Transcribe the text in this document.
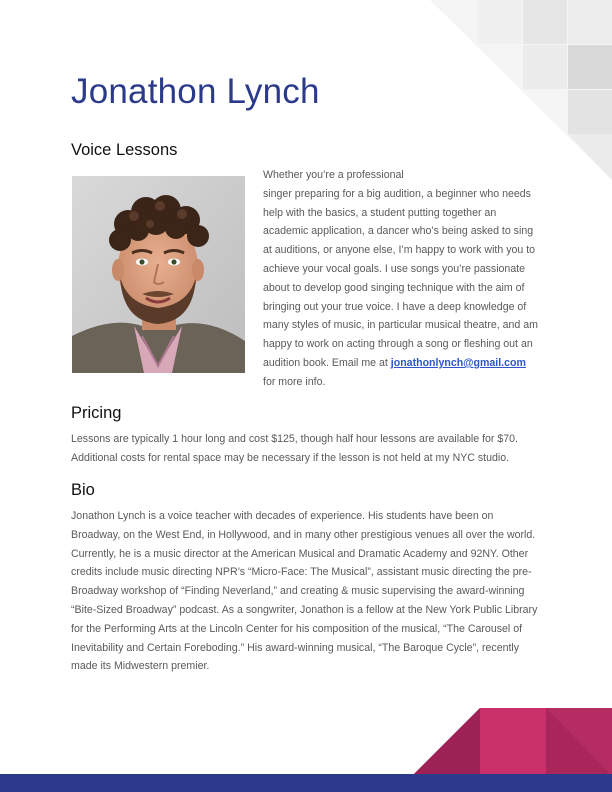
Jonathon Lynch
Voice Lessons

Whether you’re a professional
singer preparing for a big audition, a beginner who needs help with the basics, a student putting together an academic application, a dancer who’s being asked to sing at auditions, or anyone else, I’m happy to work with you to achieve your vocal goals. I use songs you’re passionate about to develop good singing technique with the aim of bringing out your true voice. I have a deep knowledge of many styles of music, in particular musical theatre, and am happy to work on acting through a song or fleshing out an audition book. Email me at jonathonlynch@gmail.com for more info.

Pricing

Lessons are typically 1 hour long and cost $125, though half hour lessons are available for $70. Additional costs for rental space may be necessary if the lesson is not held at my NYC studio.

Bio

Jonathon Lynch is a voice teacher with decades of experience. His students have been on Broadway, on the West End, in Hollywood, and in many other prestigious venues all over the world. Currently, he is a music director at the American Musical and Dramatic Academy and 92NY. Other credits include music directing NPR’s “Micro-Face: The Musical”, assistant music directing the pre-Broadway workshop of “Finding Neverland,” and creating & music supervising the award-winning “Bite-Sized Broadway” podcast. As a songwriter, Jonathon is a fellow at the New York Public Library for the Performing Arts at the Lincoln Center for his composition of the musical, “The Carousel of Inevitability and Certain Foreboding.” His award-winning musical, “The Baroque Cycle”, recently made its Midwestern premier.
